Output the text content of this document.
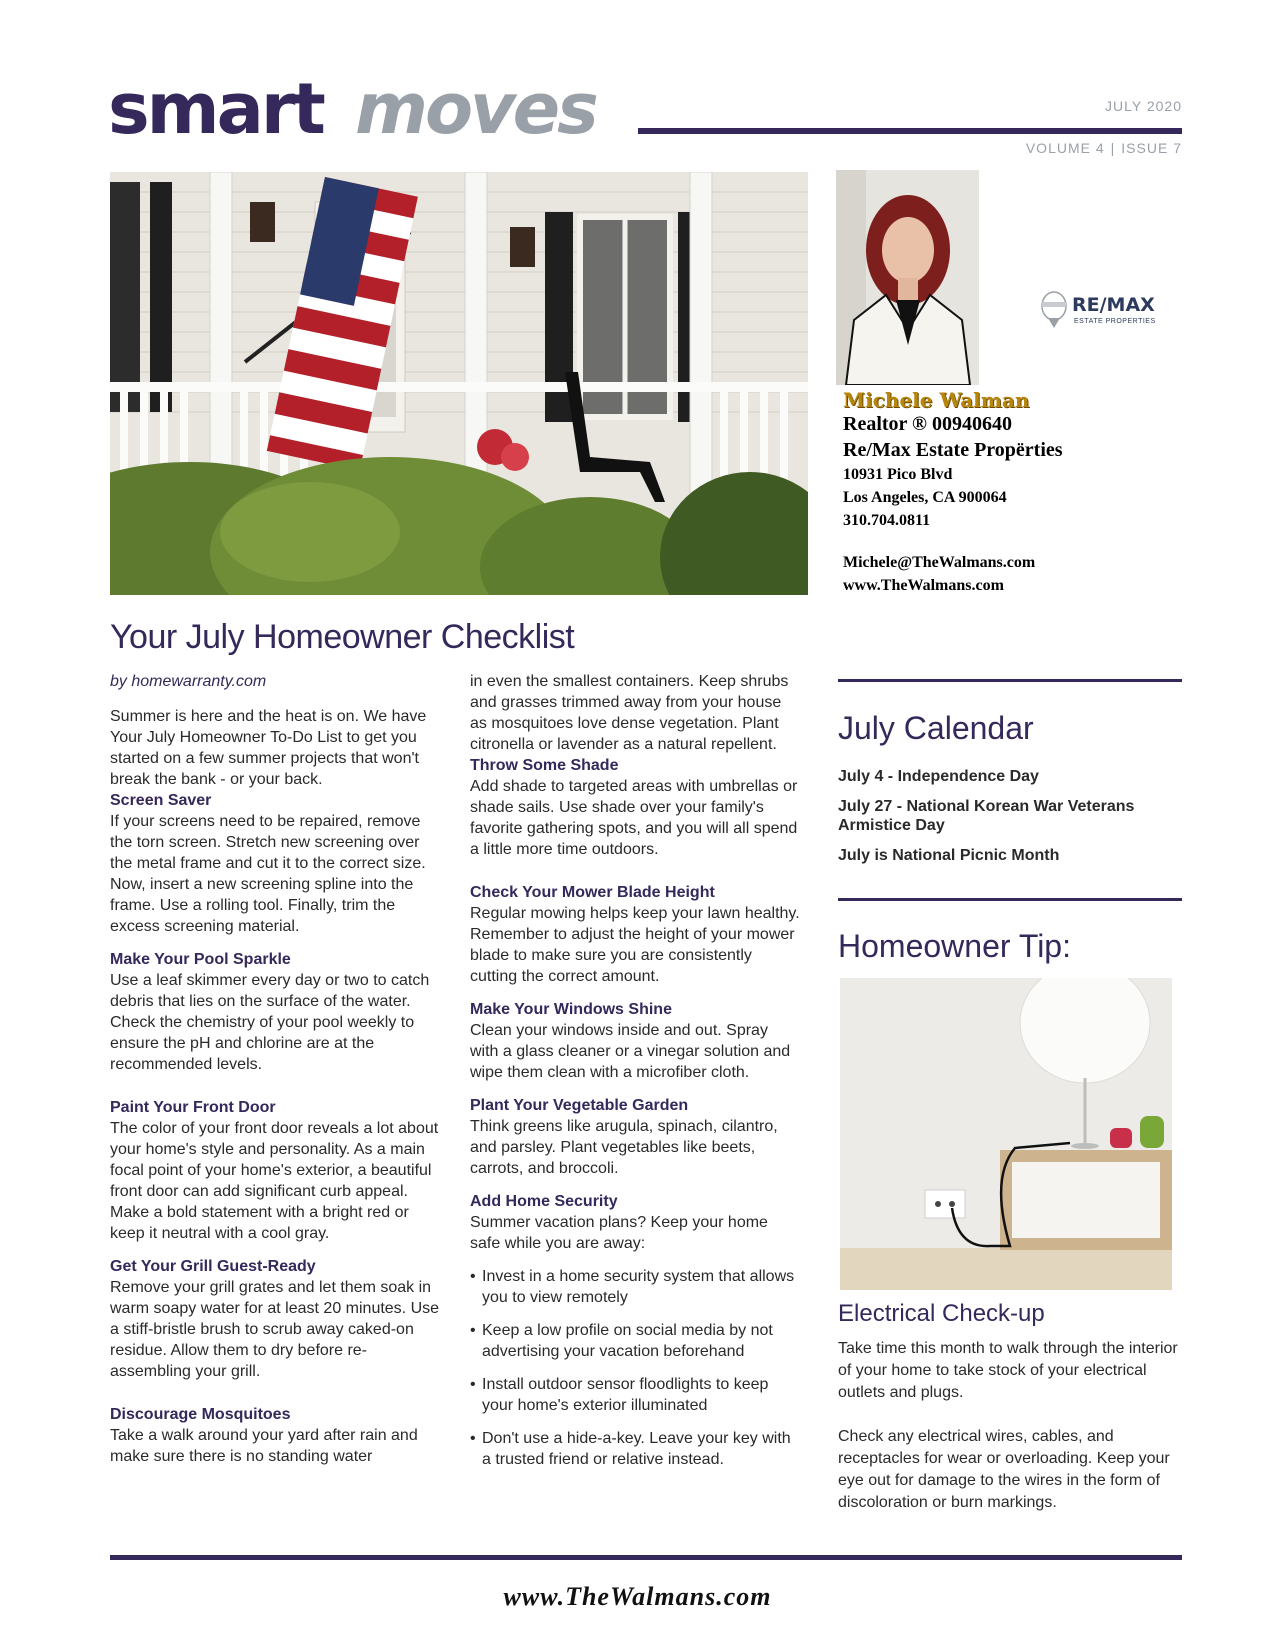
smart moves	JULY 2020
VOLUME 4 | ISSUE 7
RE/MAX
ESTATE PROPERTIES
Michele Walman
Realtor ® 00940640
Re/Max Estate Propërties
10931 Pico Blvd
Los Angeles, CA 900064
310.704.0811
Michele@TheWalmans.com
www.TheWalmans.com
Your July Homeowner Checklist
by homewarranty.com

Summer is here and the heat is on. We have Your July Homeowner To-Do List to get you started on a few summer projects that won't break the bank - or your back.

Screen Saver

If your screens need to be repaired, remove the torn screen. Stretch new screening over the metal frame and cut it to the correct size. Now, insert a new screening spline into the frame. Use a rolling tool. Finally, trim the excess screening material.

Make Your Pool Sparkle

Use a leaf skimmer every day or two to catch debris that lies on the surface of the water. Check the chemistry of your pool weekly to ensure the pH and chlorine are at the recommended levels.

Paint Your Front Door

The color of your front door reveals a lot about your home's style and personality. As a main focal point of your home's exterior, a beautiful front door can add significant curb appeal. Make a bold statement with a bright red or keep it neutral with a cool gray.

Get Your Grill Guest-Ready

Remove your grill grates and let them soak in warm soapy water for at least 20 minutes. Use a stiff-bristle brush to scrub away caked-on residue. Allow them to dry before re-assembling your grill.

Discourage Mosquitoes

Take a walk around your yard after rain and make sure there is no standing water

in even the smallest containers. Keep shrubs and grasses trimmed away from your house as mosquitoes love dense vegetation. Plant citronella or lavender as a natural repellent.

Throw Some Shade

Add shade to targeted areas with umbrellas or shade sails. Use shade over your family's favorite gathering spots, and you will all spend a little more time outdoors.

Check Your Mower Blade Height

Regular mowing helps keep your lawn healthy. Remember to adjust the height of your mower blade to make sure you are consistently cutting the correct amount.

Make Your Windows Shine

Clean your windows inside and out. Spray with a glass cleaner or a vinegar solution and wipe them clean with a microfiber cloth.

Plant Your Vegetable Garden

Think greens like arugula, spinach, cilantro, and parsley. Plant vegetables like beets, carrots, and broccoli.

Add Home Security

Summer vacation plans? Keep your home safe while you are away:

• Invest in a home security system that allows you to view remotely
• Keep a low profile on social media by not advertising your vacation beforehand
• Install outdoor sensor floodlights to keep your home's exterior illuminated
• Don't use a hide-a-key. Leave your key with a trusted friend or relative instead.
July Calendar
July 4 - Independence Day
July 27 - National Korean War Veterans Armistice Day
July is National Picnic Month
Homeowner Tip:
Electrical Check-up

Take time this month to walk through the interior of your home to take stock of your electrical outlets and plugs.

Check any electrical wires, cables, and receptacles for wear or overloading. Keep your eye out for damage to the wires in the form of discoloration or burn markings.

www.TheWalmans.com
